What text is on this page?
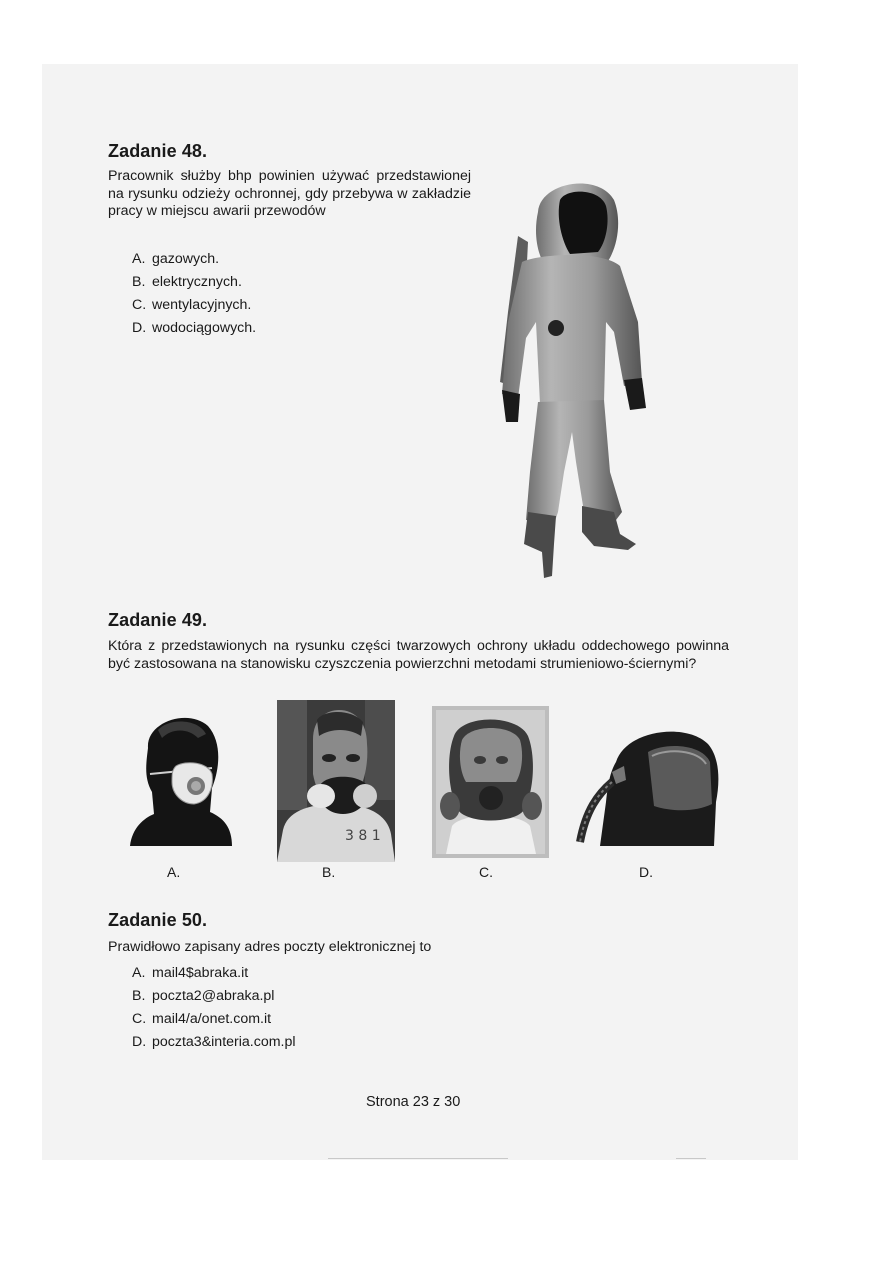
Zadanie 48.
Pracownik służby bhp powinien używać przedstawionej na rysunku odzieży ochronnej, gdy przebywa w zakładzie pracy w miejscu awarii przewodów
A. gazowych.
B. elektrycznych.
C. wentylacyjnych.
D. wodociągowych.
Zadanie 49.
Która z przedstawionych na rysunku części twarzowych ochrony układu oddechowego powinna być zastosowana na stanowisku czyszczenia powierzchni metodami strumieniowo-ściernymi?
3 8 1
A.	B.	C.	D.
Zadanie 50.
Prawidłowo zapisany adres poczty elektronicznej to
A. mail4$abraka.it
B. poczta2@abraka.pl
C. mail4/a/onet.com.it
D. poczta3&interia.com.pl
Strona 23 z 30
